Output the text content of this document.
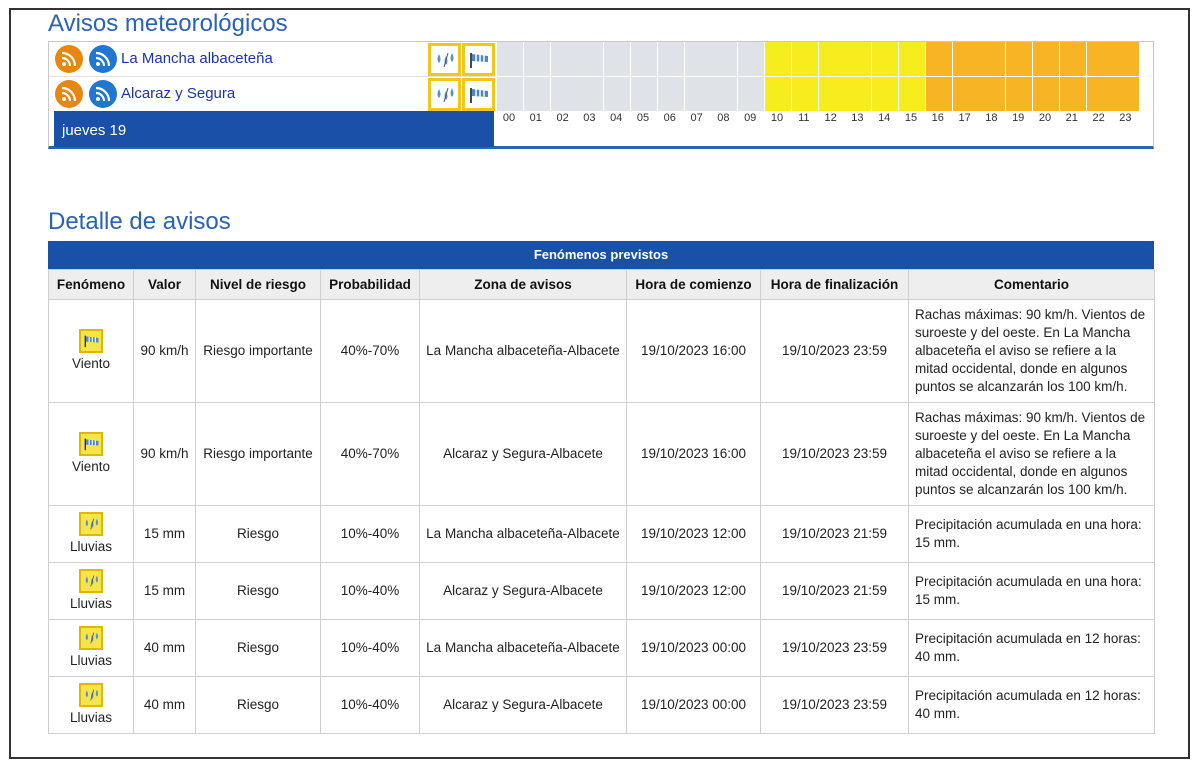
Avisos meteorológicos
La Mancha albaceteña
Alcaraz y Segura
jueves 19
00	01	02	03	04	05	06	07	08	09	10	11	12	13	14	15	16	17	18	19	20	21	22	23
Detalle de avisos
Fenómenos previstos
Fenómeno	Valor	Nivel de riesgo	Probabilidad	Zona de avisos	Hora de comienzo	Hora de finalización	Comentario

Viento	90 km/h	Riesgo importante	40%-70%	La Mancha albaceteña-Albacete	19/10/2023 16:00	19/10/2023 23:59	Rachas máximas: 90 km/h. Vientos de suroeste y del oeste. En La Mancha albaceteña el aviso se refiere a la mitad occidental, donde en algunos puntos se alcanzarán los 100 km/h.

Viento	90 km/h	Riesgo importante	40%-70%	Alcaraz y Segura-Albacete	19/10/2023 16:00	19/10/2023 23:59	Rachas máximas: 90 km/h. Vientos de suroeste y del oeste. En La Mancha albaceteña el aviso se refiere a la mitad occidental, donde en algunos puntos se alcanzarán los 100 km/h.

Lluvias	15 mm	Riesgo	10%-40%	La Mancha albaceteña-Albacete	19/10/2023 12:00	19/10/2023 21:59	Precipitación acumulada en una hora: 15 mm.

Lluvias	15 mm	Riesgo	10%-40%	Alcaraz y Segura-Albacete	19/10/2023 12:00	19/10/2023 21:59	Precipitación acumulada en una hora: 15 mm.

Lluvias	40 mm	Riesgo	10%-40%	La Mancha albaceteña-Albacete	19/10/2023 00:00	19/10/2023 23:59	Precipitación acumulada en 12 horas: 40 mm.

Lluvias	40 mm	Riesgo	10%-40%	Alcaraz y Segura-Albacete	19/10/2023 00:00	19/10/2023 23:59	Precipitación acumulada en 12 horas: 40 mm.
